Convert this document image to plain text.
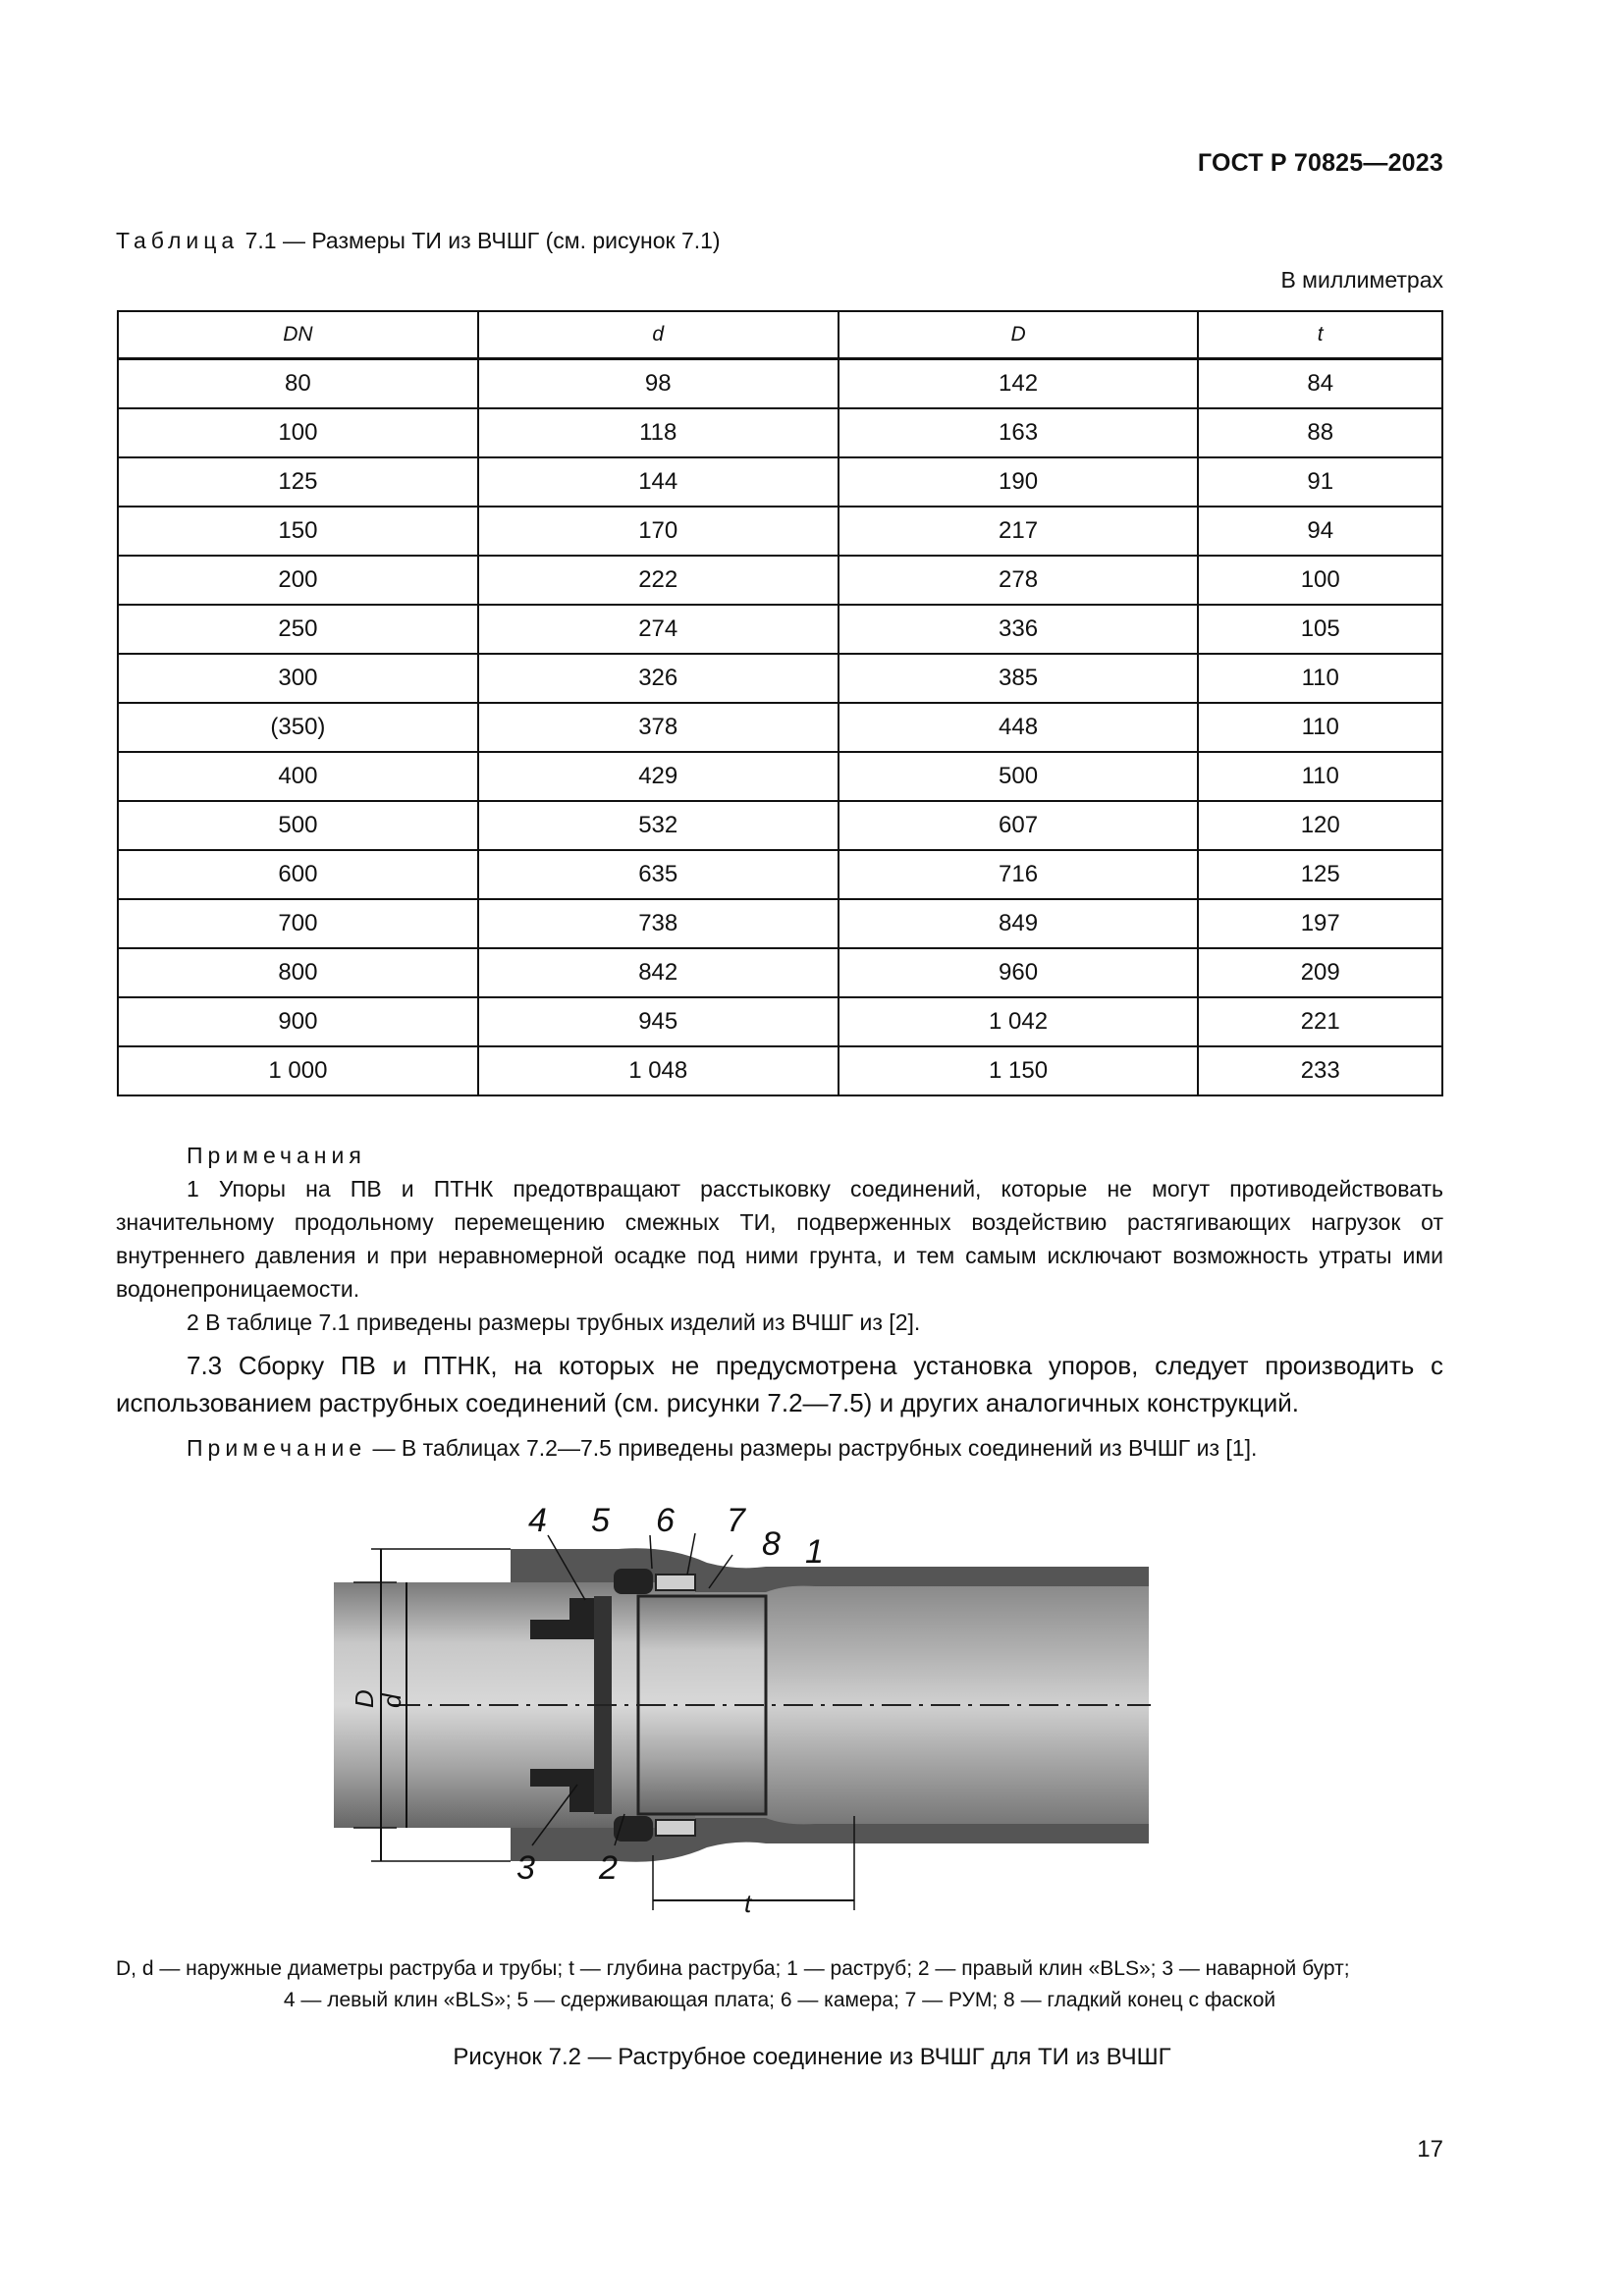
ГОСТ Р 70825—2023
Таблица 7.1 — Размеры ТИ из ВЧШГ (см. рисунок 7.1)
В миллиметрах
DN	d	D	t
80	98	142	84
100	118	163	88
125	144	190	91
150	170	217	94
200	222	278	100
250	274	336	105
300	326	385	110
(350)	378	448	110
400	429	500	110
500	532	607	120
600	635	716	125
700	738	849	197
800	842	960	209
900	945	1 042	221
1 000	1 048	1 150	233

Примечания

1 Упоры на ПВ и ПТНК предотвращают расстыковку соединений, которые не могут противодействовать значительному продольному перемещению смежных ТИ, подверженных воздействию растягивающих нагрузок от внутреннего давления и при неравномерной осадке под ними грунта, и тем самым исключают возможность утраты ими водонепроницаемости.

2 В таблице 7.1 приведены размеры трубных изделий из ВЧШГ из [2].

7.3 Сборку ПВ и ПТНК, на которых не предусмотрена установка упоров, следует производить с использованием раструбных соединений (см. рисунки 7.2—7.5) и других аналогичных конструкций.

Примечание — В таблицах 7.2—7.5 приведены размеры раструбных соединений из ВЧШГ из [1].

D
d
t
4 5 6 7
8 1
3 2
D, d — наружные диаметры раструба и трубы; t — глубина раструба; 1 — раструб; 2 — правый клин «BLS»; 3 — наварной бурт;
4 — левый клин «BLS»; 5 — сдерживающая плата; 6 — камера; 7 — РУМ; 8 — гладкий конец с фаской
Рисунок 7.2 — Раструбное соединение из ВЧШГ для ТИ из ВЧШГ
17
